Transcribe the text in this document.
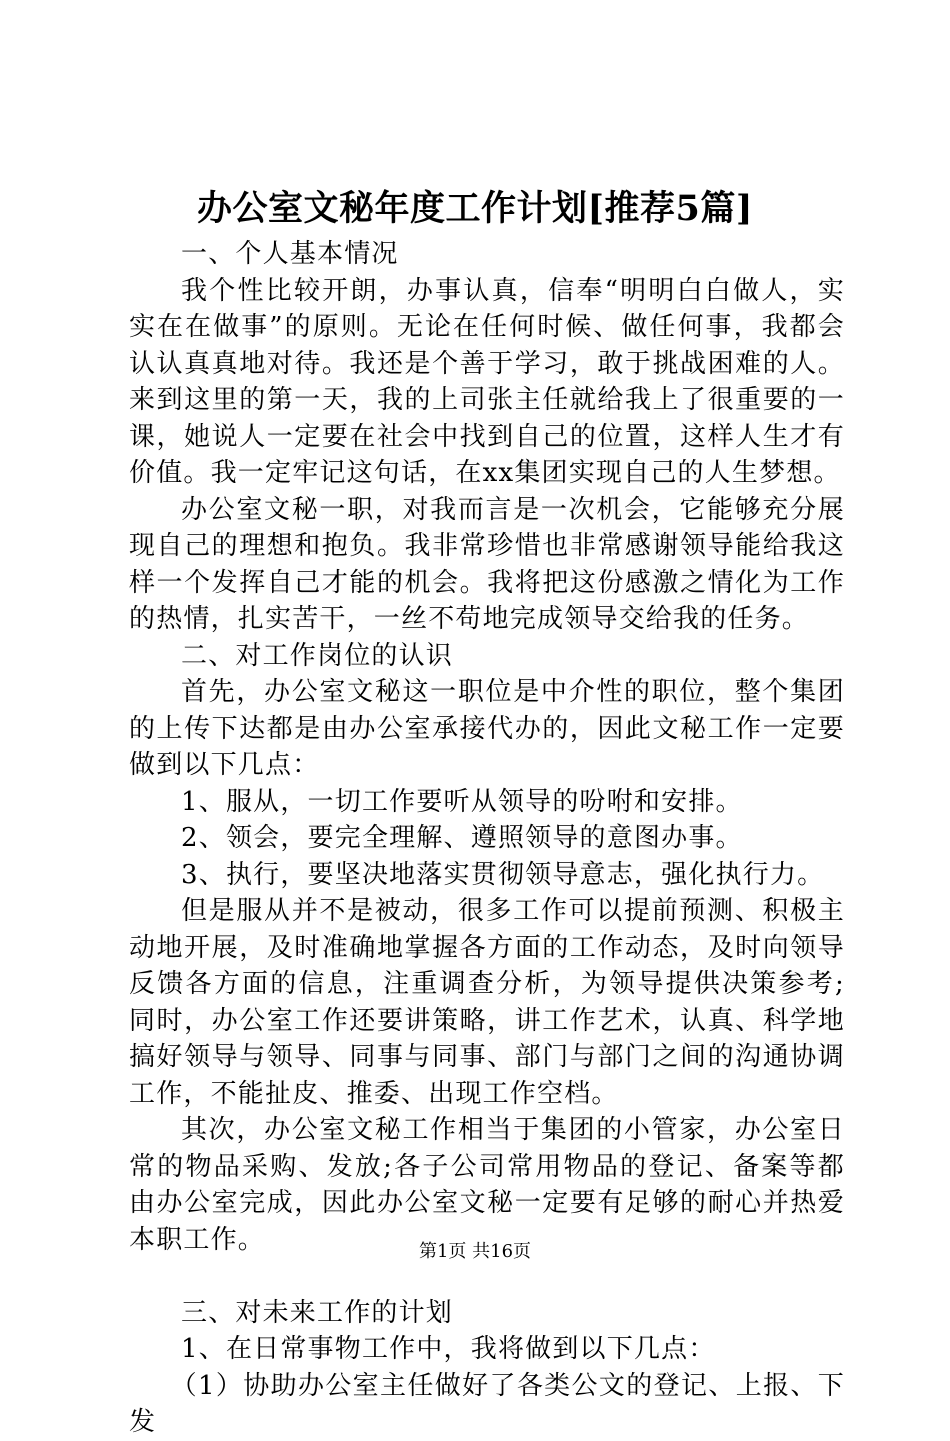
办公室文秘年度工作计划[推荐5篇]

一、个人基本情况

我个性比较开朗，办事认真，信奉“明明白白做人，实实在在做事”的原则。无论在任何时候、做任何事，我都会认认真真地对待。我还是个善于学习，敢于挑战困难的人。来到这里的第一天，我的上司张主任就给我上了很重要的一课，她说人一定要在社会中找到自己的位置，这样人生才有价值。我一定牢记这句话，在xx集团实现自己的人生梦想。

办公室文秘一职，对我而言是一次机会，它能够充分展现自己的理想和抱负。我非常珍惜也非常感谢领导能给我这样一个发挥自己才能的机会。我将把这份感激之情化为工作的热情，扎实苦干，一丝不苟地完成领导交给我的任务。

二、对工作岗位的认识

首先，办公室文秘这一职位是中介性的职位，整个集团的上传下达都是由办公室承接代办的，因此文秘工作一定要做到以下几点：

1、服从，一切工作要听从领导的吩咐和安排。

2、领会，要完全理解、遵照领导的意图办事。

3、执行，要坚决地落实贯彻领导意志，强化执行力。

但是服从并不是被动，很多工作可以提前预测、积极主动地开展，及时准确地掌握各方面的工作动态，及时向领导反馈各方面的信息，注重调查分析，为领导提供决策参考;同时，办公室工作还要讲策略，讲工作艺术，认真、科学地搞好领导与领导、同事与同事、部门与部门之间的沟通协调工作，不能扯皮、推委、出现工作空档。

其次，办公室文秘工作相当于集团的小管家，办公室日常的物品采购、发放;各子公司常用物品的登记、备案等都由办公室完成，因此办公室文秘一定要有足够的耐心并热爱本职工作。

三、对未来工作的计划

1、在日常事物工作中，我将做到以下几点：

（1）协助办公室主任做好了各类公文的登记、上报、下发

第1页 共16页
